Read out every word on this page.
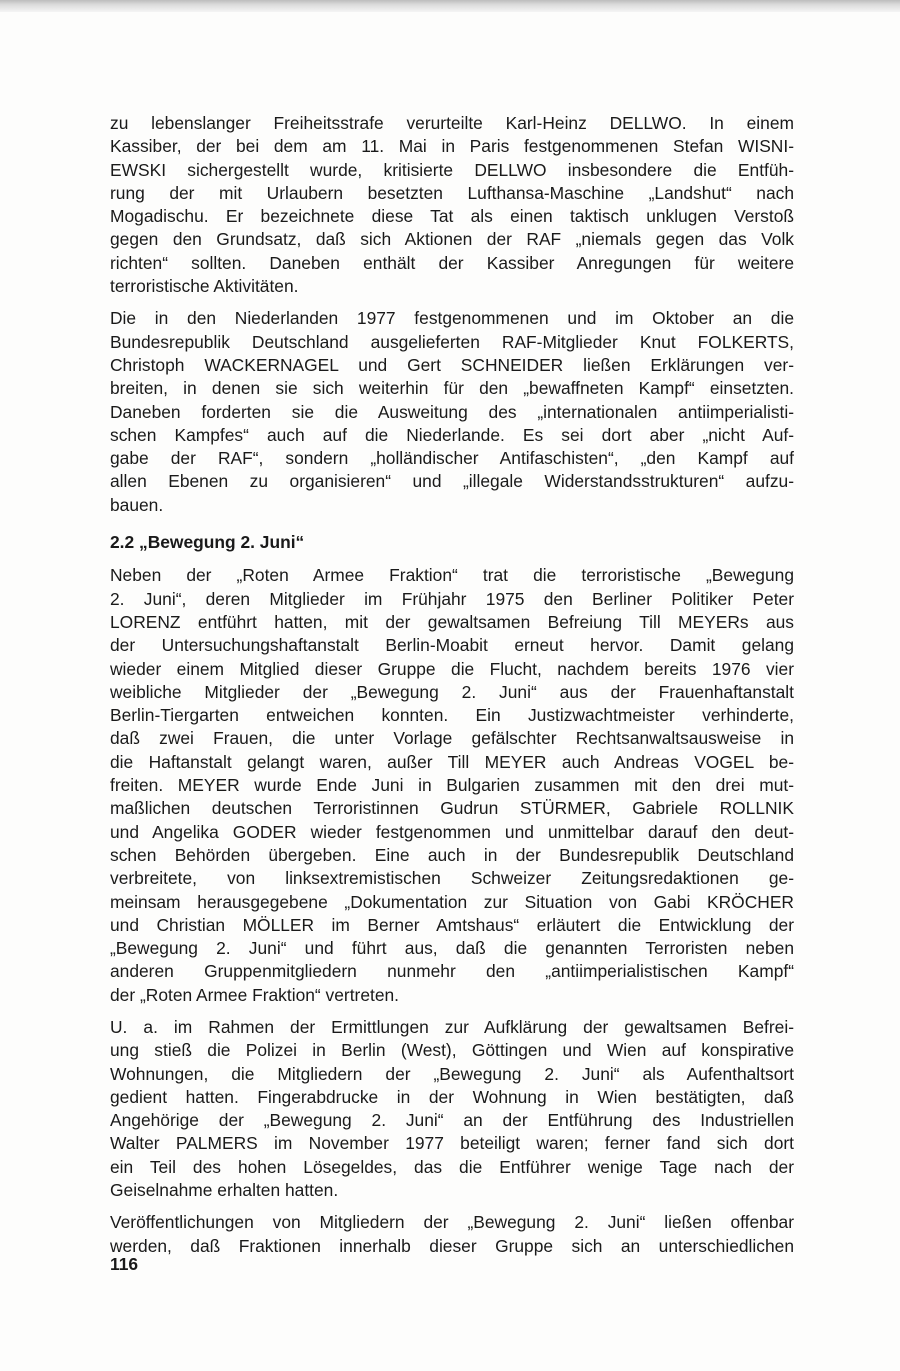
zu lebenslanger Freiheitsstrafe verurteilte Karl-Heinz DELLWO. In einem
Kassiber, der bei dem am 11. Mai in Paris festgenommenen Stefan WISNI-
EWSKI sichergestellt wurde, kritisierte DELLWO insbesondere die Entfüh-
rung der mit Urlaubern besetzten Lufthansa-Maschine „Landshut“ nach
Mogadischu. Er bezeichnete diese Tat als einen taktisch unklugen Verstoß
gegen den Grundsatz, daß sich Aktionen der RAF „niemals gegen das Volk
richten“ sollten. Daneben enthält der Kassiber Anregungen für weitere
terroristische Aktivitäten.
Die in den Niederlanden 1977 festgenommenen und im Oktober an die
Bundesrepublik Deutschland ausgelieferten RAF-Mitglieder Knut FOLKERTS,
Christoph WACKERNAGEL und Gert SCHNEIDER ließen Erklärungen ver-
breiten, in denen sie sich weiterhin für den „bewaffneten Kampf“ einsetzten.
Daneben forderten sie die Ausweitung des „internationalen antiimperialisti-
schen Kampfes“ auch auf die Niederlande. Es sei dort aber „nicht Auf-
gabe der RAF“, sondern „holländischer Antifaschisten“, „den Kampf auf
allen Ebenen zu organisieren“ und „illegale Widerstandsstrukturen“ aufzu-
bauen.
2.2 „Bewegung 2. Juni“
Neben der „Roten Armee Fraktion“ trat die terroristische „Bewegung
2. Juni“, deren Mitglieder im Frühjahr 1975 den Berliner Politiker Peter
LORENZ entführt hatten, mit der gewaltsamen Befreiung Till MEYERs aus
der Untersuchungshaftanstalt Berlin-Moabit erneut hervor. Damit gelang
wieder einem Mitglied dieser Gruppe die Flucht, nachdem bereits 1976 vier
weibliche Mitglieder der „Bewegung 2. Juni“ aus der Frauenhaftanstalt
Berlin-Tiergarten entweichen konnten. Ein Justizwachtmeister verhinderte,
daß zwei Frauen, die unter Vorlage gefälschter Rechtsanwaltsausweise in
die Haftanstalt gelangt waren, außer Till MEYER auch Andreas VOGEL be-
freiten. MEYER wurde Ende Juni in Bulgarien zusammen mit den drei mut-
maßlichen deutschen Terroristinnen Gudrun STÜRMER, Gabriele ROLLNIK
und Angelika GODER wieder festgenommen und unmittelbar darauf den deut-
schen Behörden übergeben. Eine auch in der Bundesrepublik Deutschland
verbreitete, von linksextremistischen Schweizer Zeitungsredaktionen ge-
meinsam herausgegebene „Dokumentation zur Situation von Gabi KRÖCHER
und Christian MÖLLER im Berner Amtshaus“ erläutert die Entwicklung der
„Bewegung 2. Juni“ und führt aus, daß die genannten Terroristen neben
anderen Gruppenmitgliedern nunmehr den „antiimperialistischen Kampf“
der „Roten Armee Fraktion“ vertreten.
U. a. im Rahmen der Ermittlungen zur Aufklärung der gewaltsamen Befrei-
ung stieß die Polizei in Berlin (West), Göttingen und Wien auf konspirative
Wohnungen, die Mitgliedern der „Bewegung 2. Juni“ als Aufenthaltsort
gedient hatten. Fingerabdrucke in der Wohnung in Wien bestätigten, daß
Angehörige der „Bewegung 2. Juni“ an der Entführung des Industriellen
Walter PALMERS im November 1977 beteiligt waren; ferner fand sich dort
ein Teil des hohen Lösegeldes, das die Entführer wenige Tage nach der
Geiselnahme erhalten hatten.
Veröffentlichungen von Mitgliedern der „Bewegung 2. Juni“ ließen offenbar
werden, daß Fraktionen innerhalb dieser Gruppe sich an unterschiedlichen
116
